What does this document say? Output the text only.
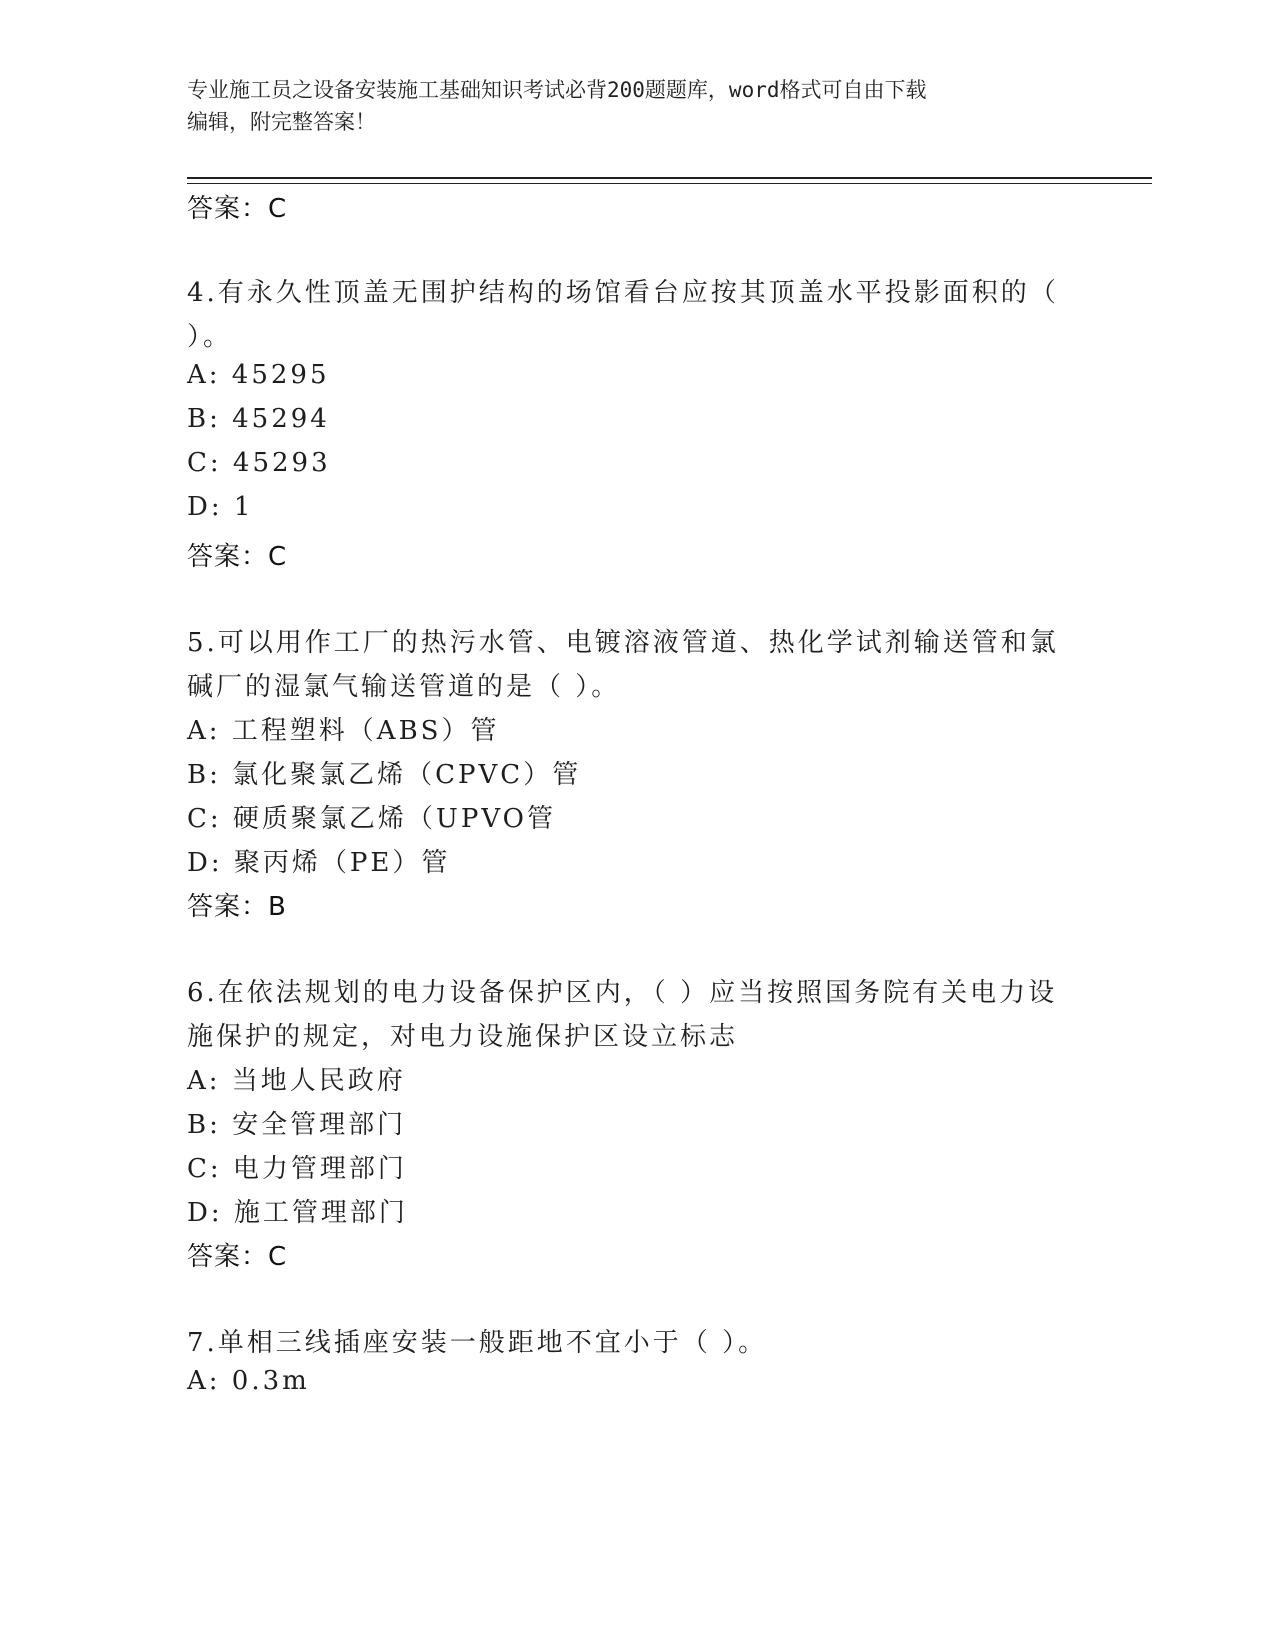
专业施工员之设备安装施工基础知识考试必背200题题库，word格式可自由下载
编辑，附完整答案！
答案：C
4.有永久性顶盖无围护结构的场馆看台应按其顶盖水平投影面积的（
）。
A: 45295
B: 45294
C: 45293
D: 1
答案：C
5.可以用作工厂的热污水管、电镀溶液管道、热化学试剂输送管和氯
碱厂的湿氯气输送管道的是（ ）。
A: 工程塑料（ABS）管
B: 氯化聚氯乙烯（CPVC）管
C: 硬质聚氯乙烯（UPVO管
D: 聚丙烯（PE）管
答案：B
6.在依法规划的电力设备保护区内，（ ）应当按照国务院有关电力设
施保护的规定，对电力设施保护区设立标志
A: 当地人民政府
B: 安全管理部门
C: 电力管理部门
D: 施工管理部门
答案：C
7.单相三线插座安装一般距地不宜小于（ ）。
A: 0.3m
